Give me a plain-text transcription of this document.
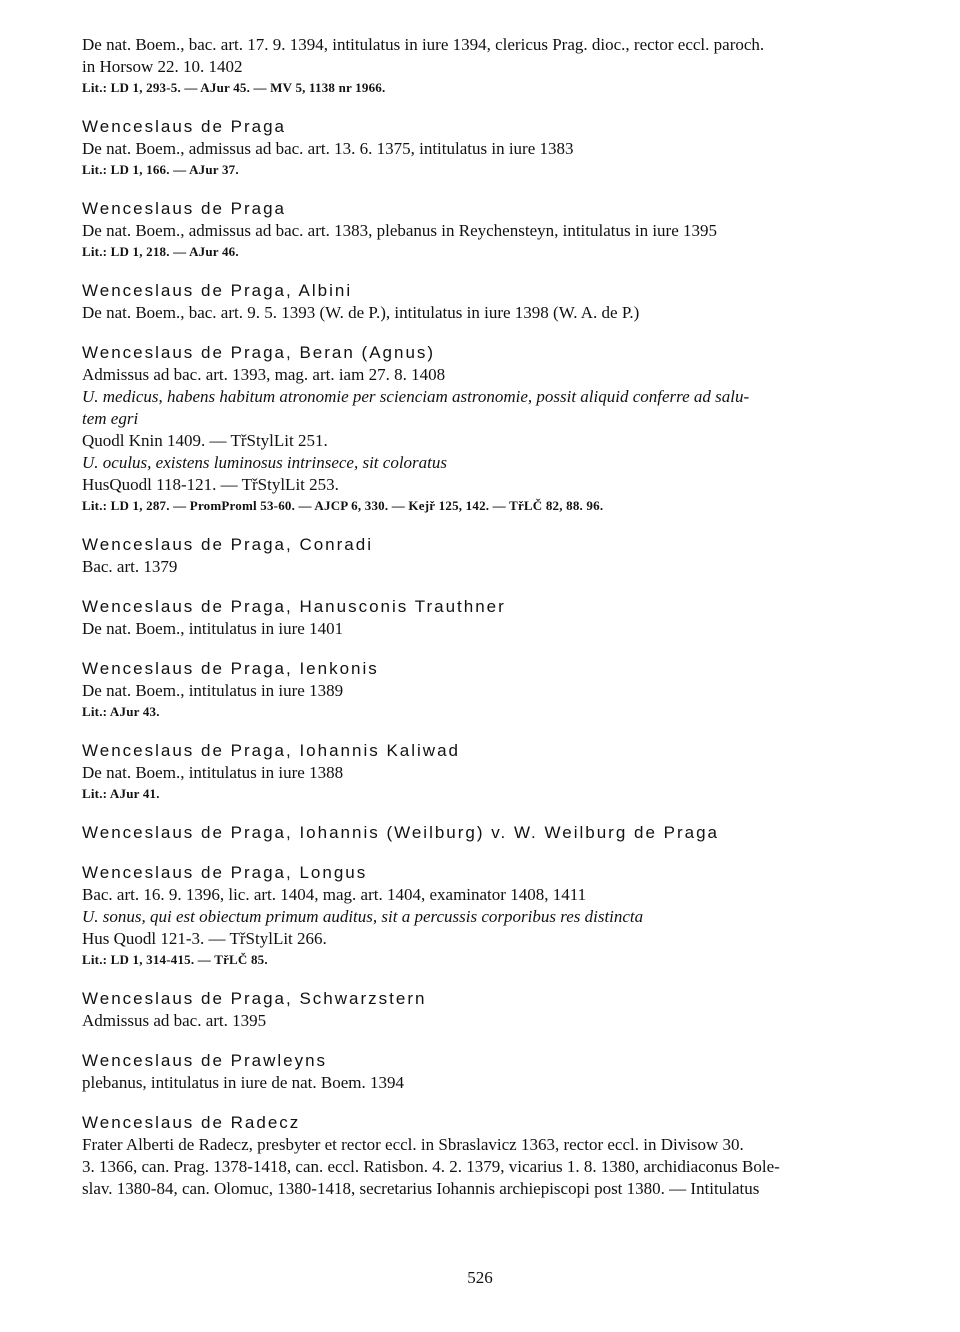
De nat. Boem., bac. art. 17. 9. 1394, intitulatus in iure 1394, clericus Prag. dioc., rector eccl. paroch.
in Horsow 22. 10. 1402
Lit.: LD 1, 293-5. — AJur 45. — MV 5, 1138 nr 1966.
Wenceslaus de Praga
De nat. Boem., admissus ad bac. art. 13. 6. 1375, intitulatus in iure 1383
Lit.: LD 1, 166. — AJur 37.
Wenceslaus de Praga
De nat. Boem., admissus ad bac. art. 1383, plebanus in Reychensteyn, intitulatus in iure 1395
Lit.: LD 1, 218. — AJur 46.
Wenceslaus de Praga, Albini
De nat. Boem., bac. art. 9. 5. 1393 (W. de P.), intitulatus in iure 1398 (W. A. de P.)
Wenceslaus de Praga, Beran (Agnus)
Admissus ad bac. art. 1393, mag. art. iam 27. 8. 1408
U. medicus, habens habitum atronomie per scienciam astronomie, possit aliquid conferre ad salu-
tem egri
Quodl Knin 1409. — TřStylLit 251.
U. oculus, existens luminosus intrinsece, sit coloratus
HusQuodl 118-121. — TřStylLit 253.
Lit.: LD 1, 287. — PromProml 53-60. — AJCP 6, 330. — Kejř 125, 142. — TřLČ 82, 88. 96.
Wenceslaus de Praga, Conradi
Bac. art. 1379
Wenceslaus de Praga, Hanusconis Trauthner
De nat. Boem., intitulatus in iure 1401
Wenceslaus de Praga, Ienkonis
De nat. Boem., intitulatus in iure 1389
Lit.: AJur 43.
Wenceslaus de Praga, Iohannis Kaliwad
De nat. Boem., intitulatus in iure 1388
Lit.: AJur 41.
Wenceslaus de Praga, Iohannis (Weilburg) v. W. Weilburg de Praga
Wenceslaus de Praga, Longus
Bac. art. 16. 9. 1396, lic. art. 1404, mag. art. 1404, examinator 1408, 1411
U. sonus, qui est obiectum primum auditus, sit a percussis corporibus res distincta
Hus Quodl 121-3. — TřStylLit 266.
Lit.: LD 1, 314-415. — TřLČ 85.
Wenceslaus de Praga, Schwarzstern
Admissus ad bac. art. 1395
Wenceslaus de Prawleyns
plebanus, intitulatus in iure de nat. Boem. 1394
Wenceslaus de Radecz
Frater Alberti de Radecz, presbyter et rector eccl. in Sbraslavicz 1363, rector eccl. in Divisow 30.
3. 1366, can. Prag. 1378-1418, can. eccl. Ratisbon. 4. 2. 1379, vicarius 1. 8. 1380, archidiaconus Bole-
slav. 1380-84, can. Olomuc, 1380-1418, secretarius Iohannis archiepiscopi post 1380. — Intitulatus
526
